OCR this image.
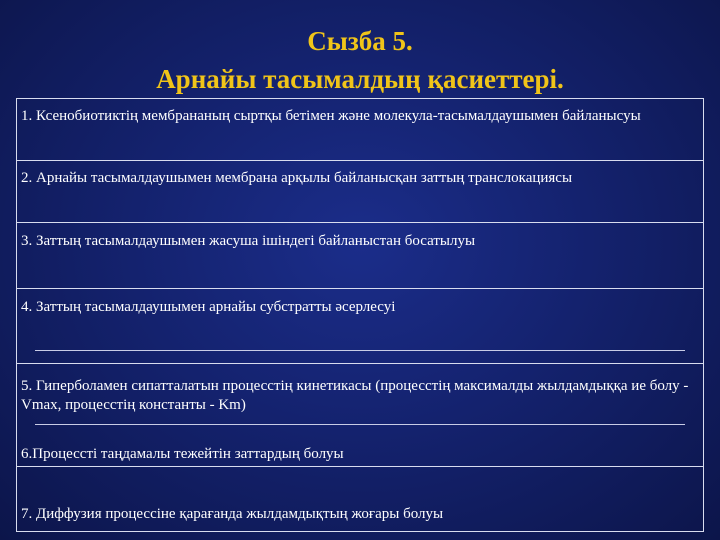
Сызба 5.
Арнайы тасымалдың қасиеттері.
1. Ксенобиотиктің мембрананың сыртқы бетімен және молекула-тасымалдаушымен байланысуы
2. Арнайы тасымалдаушымен мембрана арқылы байланысқан заттың транслокациясы
3. Заттың тасымалдаушымен жасуша ішіндегі байланыстан босатылуы
4. Заттың тасымалдаушымен арнайы субстратты әсерлесуі
5. Гиперболамен сипатталатын процесстің кинетикасы (процесстің максималды жылдамдыққа ие болу - Vmax, процесстің константы - Km)
6.Процессті таңдамалы тежейтін заттардың болуы
7. Диффузия процессіне қарағанда жылдамдықтың жоғары болуы
